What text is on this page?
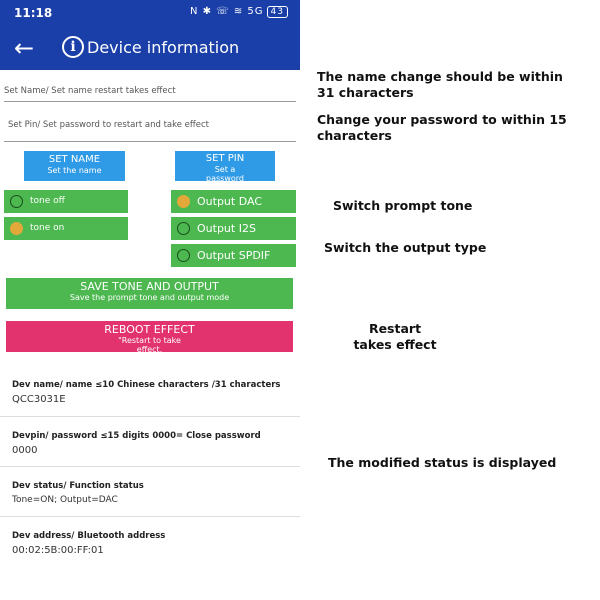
11:18	N ✱ ☏ ≋ 5G 43
←	i Device information
Set Name/ Set name restart takes effect
Set Pin/ Set password to restart and take effect
SET NAME
Set the name
SET PIN
Set a password
tone off
tone on
Output DAC
Output I2S
Output SPDIF
SAVE TONE AND OUTPUT
Save the prompt tone and output mode
REBOOT EFFECT
"Restart to take effect.
Dev name/ name ≤10 Chinese characters /31 characters
QCC3031E
Devpin/ password ≤15 digits 0000= Close password
0000
Dev status/ Function status
Tone=ON; Output=DAC
Dev address/ Bluetooth address
00:02:5B:00:FF:01
The name change should be within 31 characters
Change your password to within 15 characters
Switch prompt tone
Switch the output type
Restart takes effect
The modified status is displayed
